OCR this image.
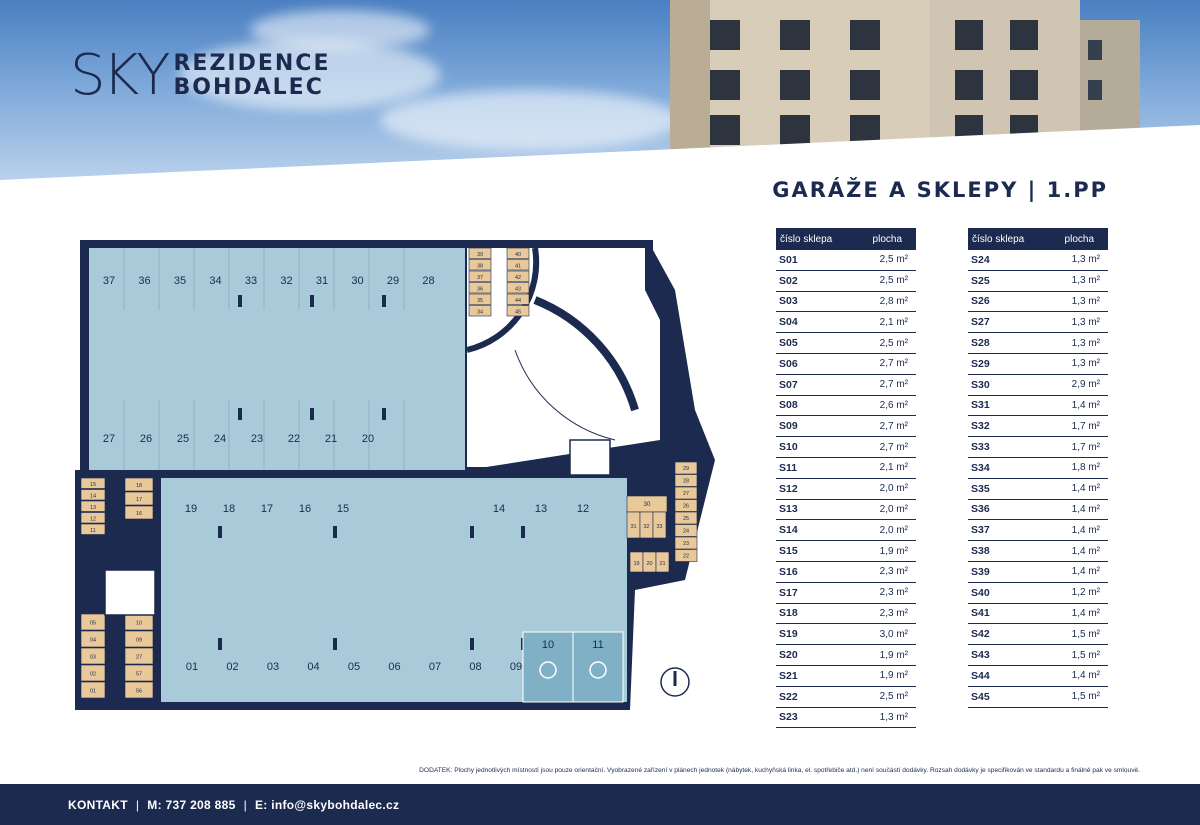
SKY REZIDENCE
BOHDALEC
GARÁŽE A SKLEPY | 1.PP
37 36 35 34 33 32 31 30 29 28
27 26 25 24 23 22 21 20
19 18 17 16 15	14	13	12
01	02	03	04	05	06	07	08	09
10	11
39
38
37
36
35
34
40
41
42
43
44
45
15
14
13
12
11
18
17
16
05
04
03
02
01
10
09
27
57
56
30
31 32 33
19 20 21
29
28
27
26
25
24
23
22
číslo sklepa	plocha
S01	2,5 m²
S02	2,5 m²
S03	2,8 m²
S04	2,1 m²
S05	2,5 m²
S06	2,7 m²
S07	2,7 m²
S08	2,6 m²
S09	2,7 m²
S10	2,7 m²
S11	2,1 m²
S12	2,0 m²
S13	2,0 m²
S14	2,0 m²
S15	1,9 m²
S16	2,3 m²
S17	2,3 m²
S18	2,3 m²
S19	3,0 m²
S20	1,9 m²
S21	1,9 m²
S22	2,5 m²
S23	1,3 m²
číslo sklepa	plocha
S24	1,3 m²
S25	1,3 m²
S26	1,3 m²
S27	1,3 m²
S28	1,3 m²
S29	1,3 m²
S30	2,9 m²
S31	1,4 m²
S32	1,7 m²
S33	1,7 m²
S34	1,8 m²
S35	1,4 m²
S36	1,4 m²
S37	1,4 m²
S38	1,4 m²
S39	1,4 m²
S40	1,2 m²
S41	1,4 m²
S42	1,5 m²
S43	1,5 m²
S44	1,4 m²
S45	1,5 m²
DODATEK: Plochy jednotlivých místností jsou pouze orientační. Vyobrazené zařízení v plánech jednotek (nábytek, kuchyňská linka, el. spotřebiče atd.) není součástí dodávky. Rozsah dodávky je specifikován ve standardu a finálně pak ve smlouvě.
KONTAKT | M: 737 208 885 | E: info@skybohdalec.cz
